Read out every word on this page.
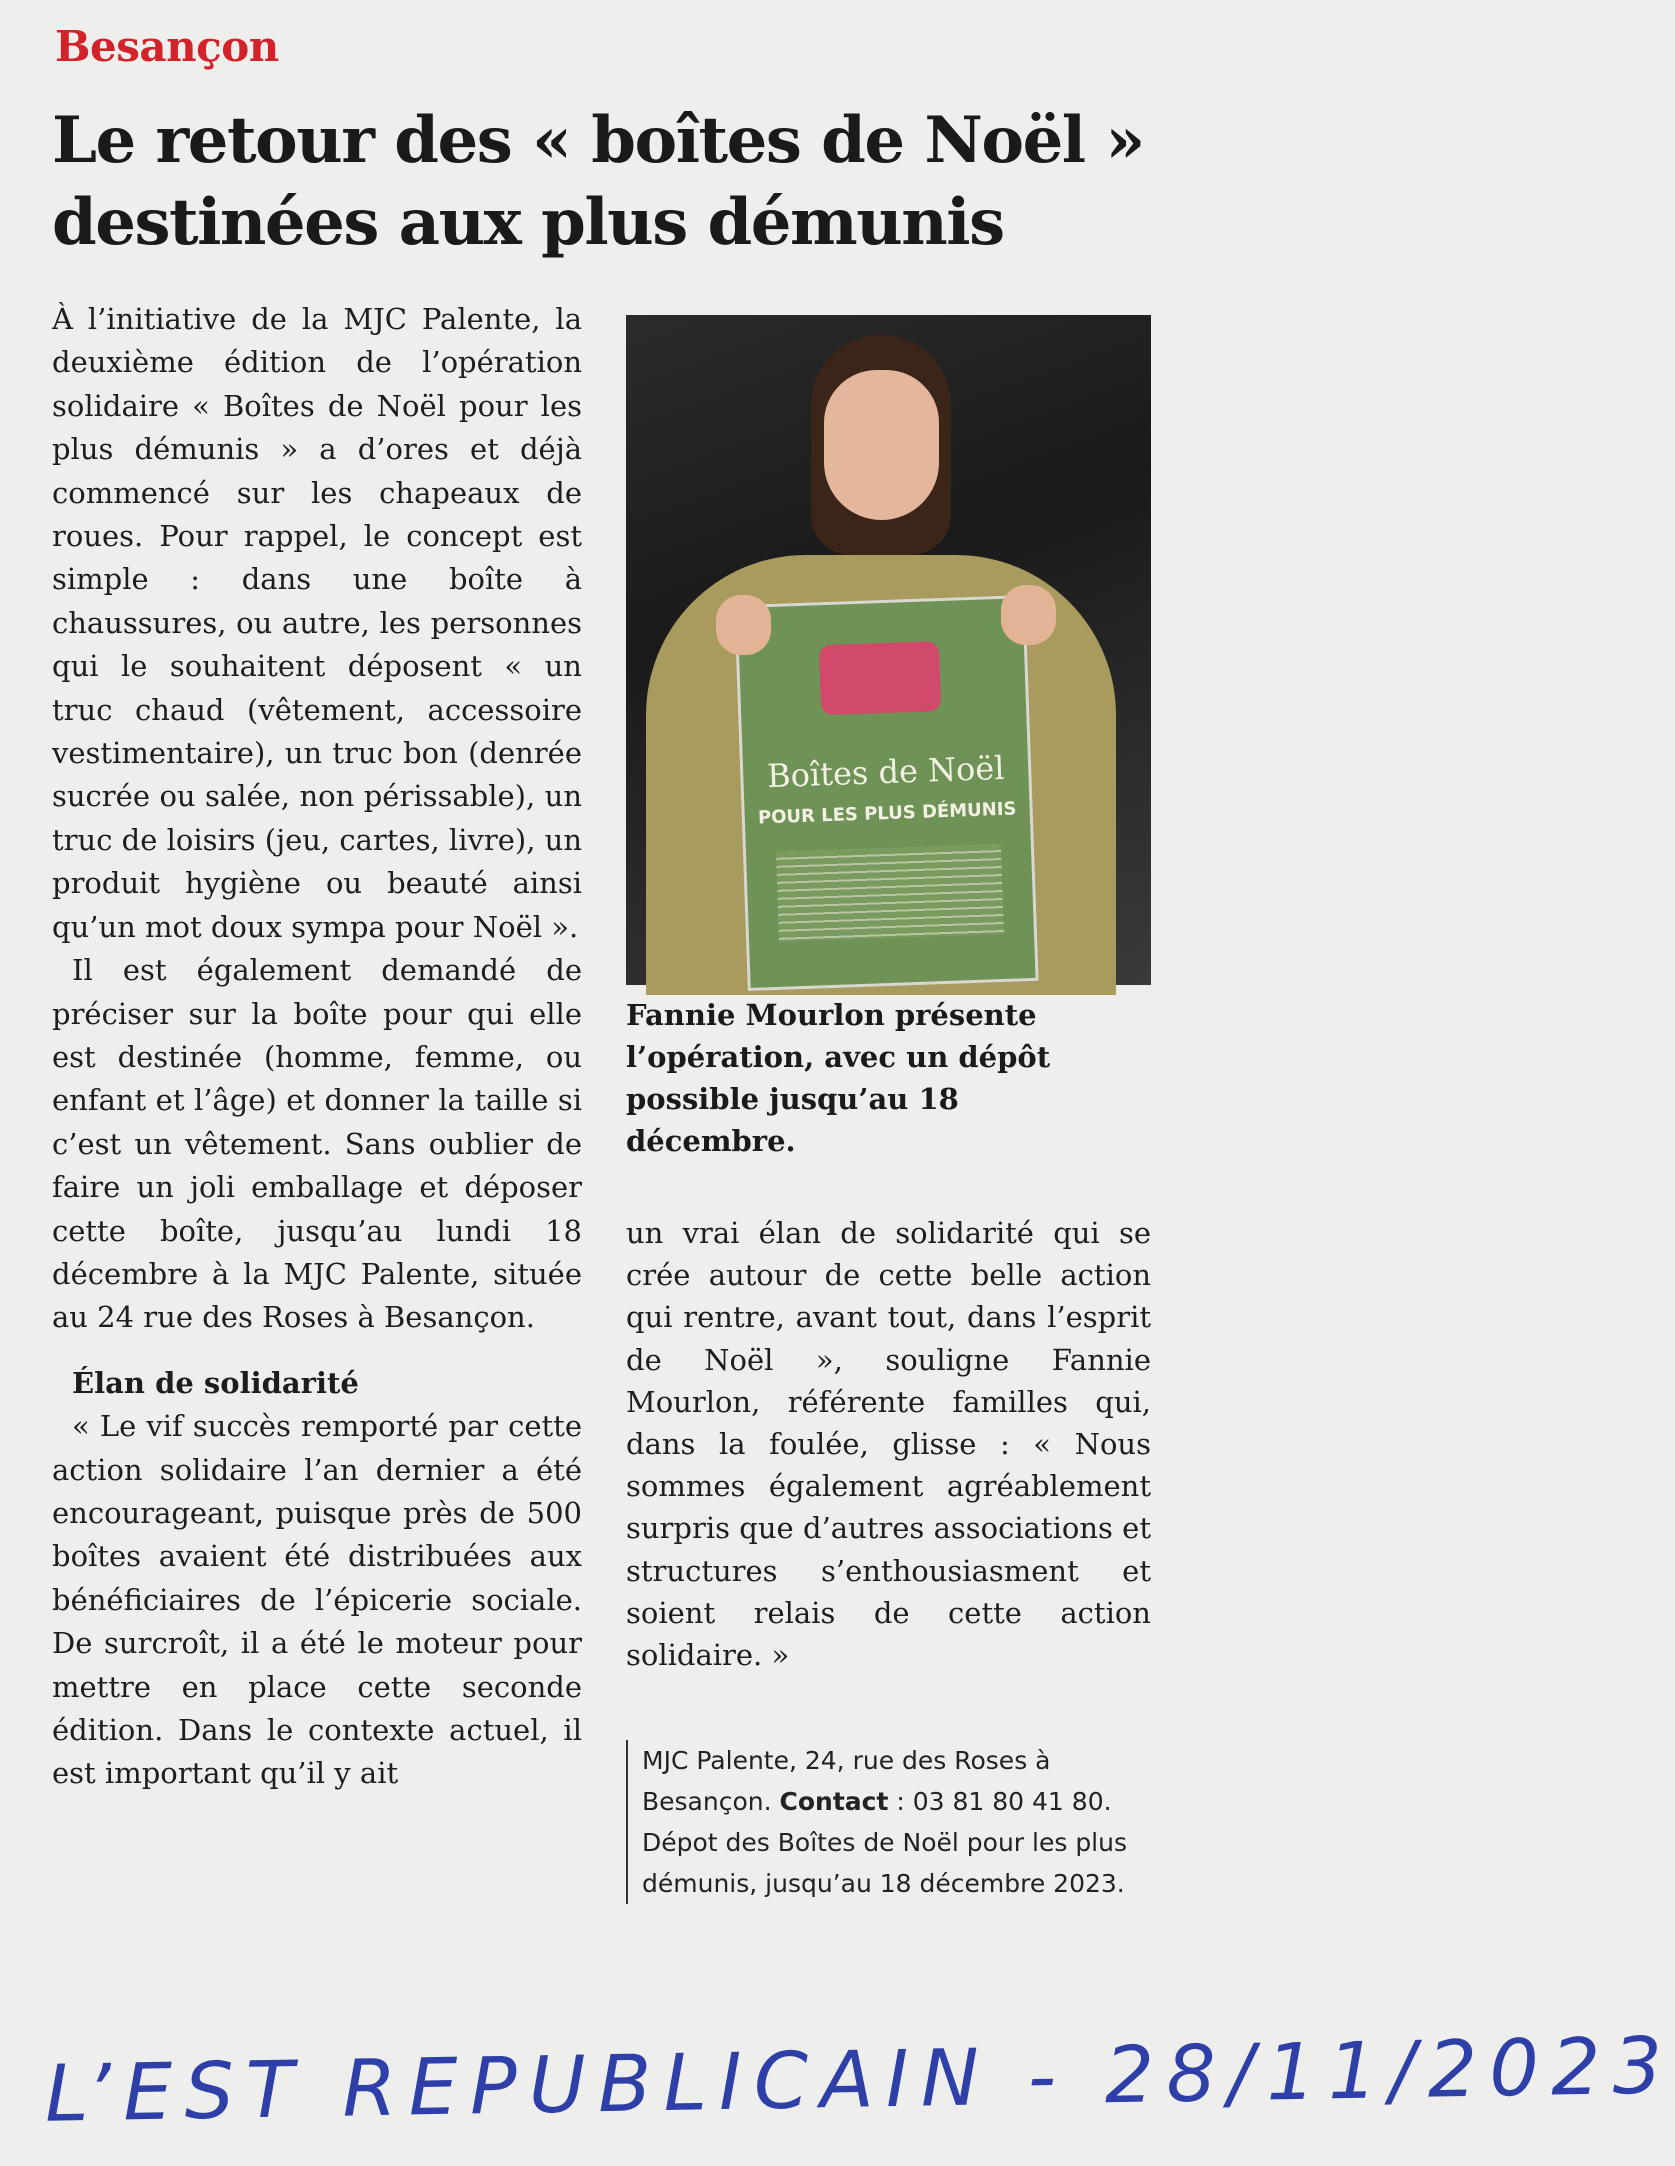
Besançon
Le retour des « boîtes de Noël »
destinées aux plus démunis

À l’initiative de la MJC Palente, la deuxième édition de l’opération solidaire « Boîtes de Noël pour les plus démunis » a d’ores et déjà commencé sur les chapeaux de roues. Pour rappel, le concept est simple : dans une boîte à chaussures, ou autre, les personnes qui le souhaitent déposent « un truc chaud (vêtement, accessoire vestimentaire), un truc bon (denrée sucrée ou salée, non périssable), un truc de loisirs (jeu, cartes, livre), un produit hygiène ou beauté ainsi qu’un mot doux sympa pour Noël ».

Il est également demandé de préciser sur la boîte pour qui elle est destinée (homme, femme, ou enfant et l’âge) et donner la taille si c’est un vêtement. Sans oublier de faire un joli emballage et déposer cette boîte, jusqu’au lundi 18 décembre à la MJC Palente, située au 24 rue des Roses à Besançon.

Élan de solidarité

« Le vif succès remporté par cette action solidaire l’an dernier a été encourageant, puisque près de 500 boîtes avaient été distribuées aux bénéficiaires de l’épicerie sociale. De surcroît, il a été le moteur pour mettre en place cette seconde édition. Dans le contexte actuel, il est important qu’il y ait

Boîtes de Noël
POUR LES PLUS DÉMUNIS
Fannie Mourlon présente l’opération, avec un dépôt possible jusqu’au 18 décembre.

un vrai élan de solidarité qui se crée autour de cette belle action qui rentre, avant tout, dans l’esprit de Noël », souligne Fannie Mourlon, référente familles qui, dans la foulée, glisse : « Nous sommes également agréablement surpris que d’autres associations et structures s’enthousiasment et soient relais de cette action solidaire. »

MJC Palente, 24, rue des Roses à Besançon. Contact : 03 81 80 41 80. Dépot des Boîtes de Noël pour les plus démunis, jusqu’au 18 décembre 2023.
L’EST REPUBLICAIN - 28/11/2023
